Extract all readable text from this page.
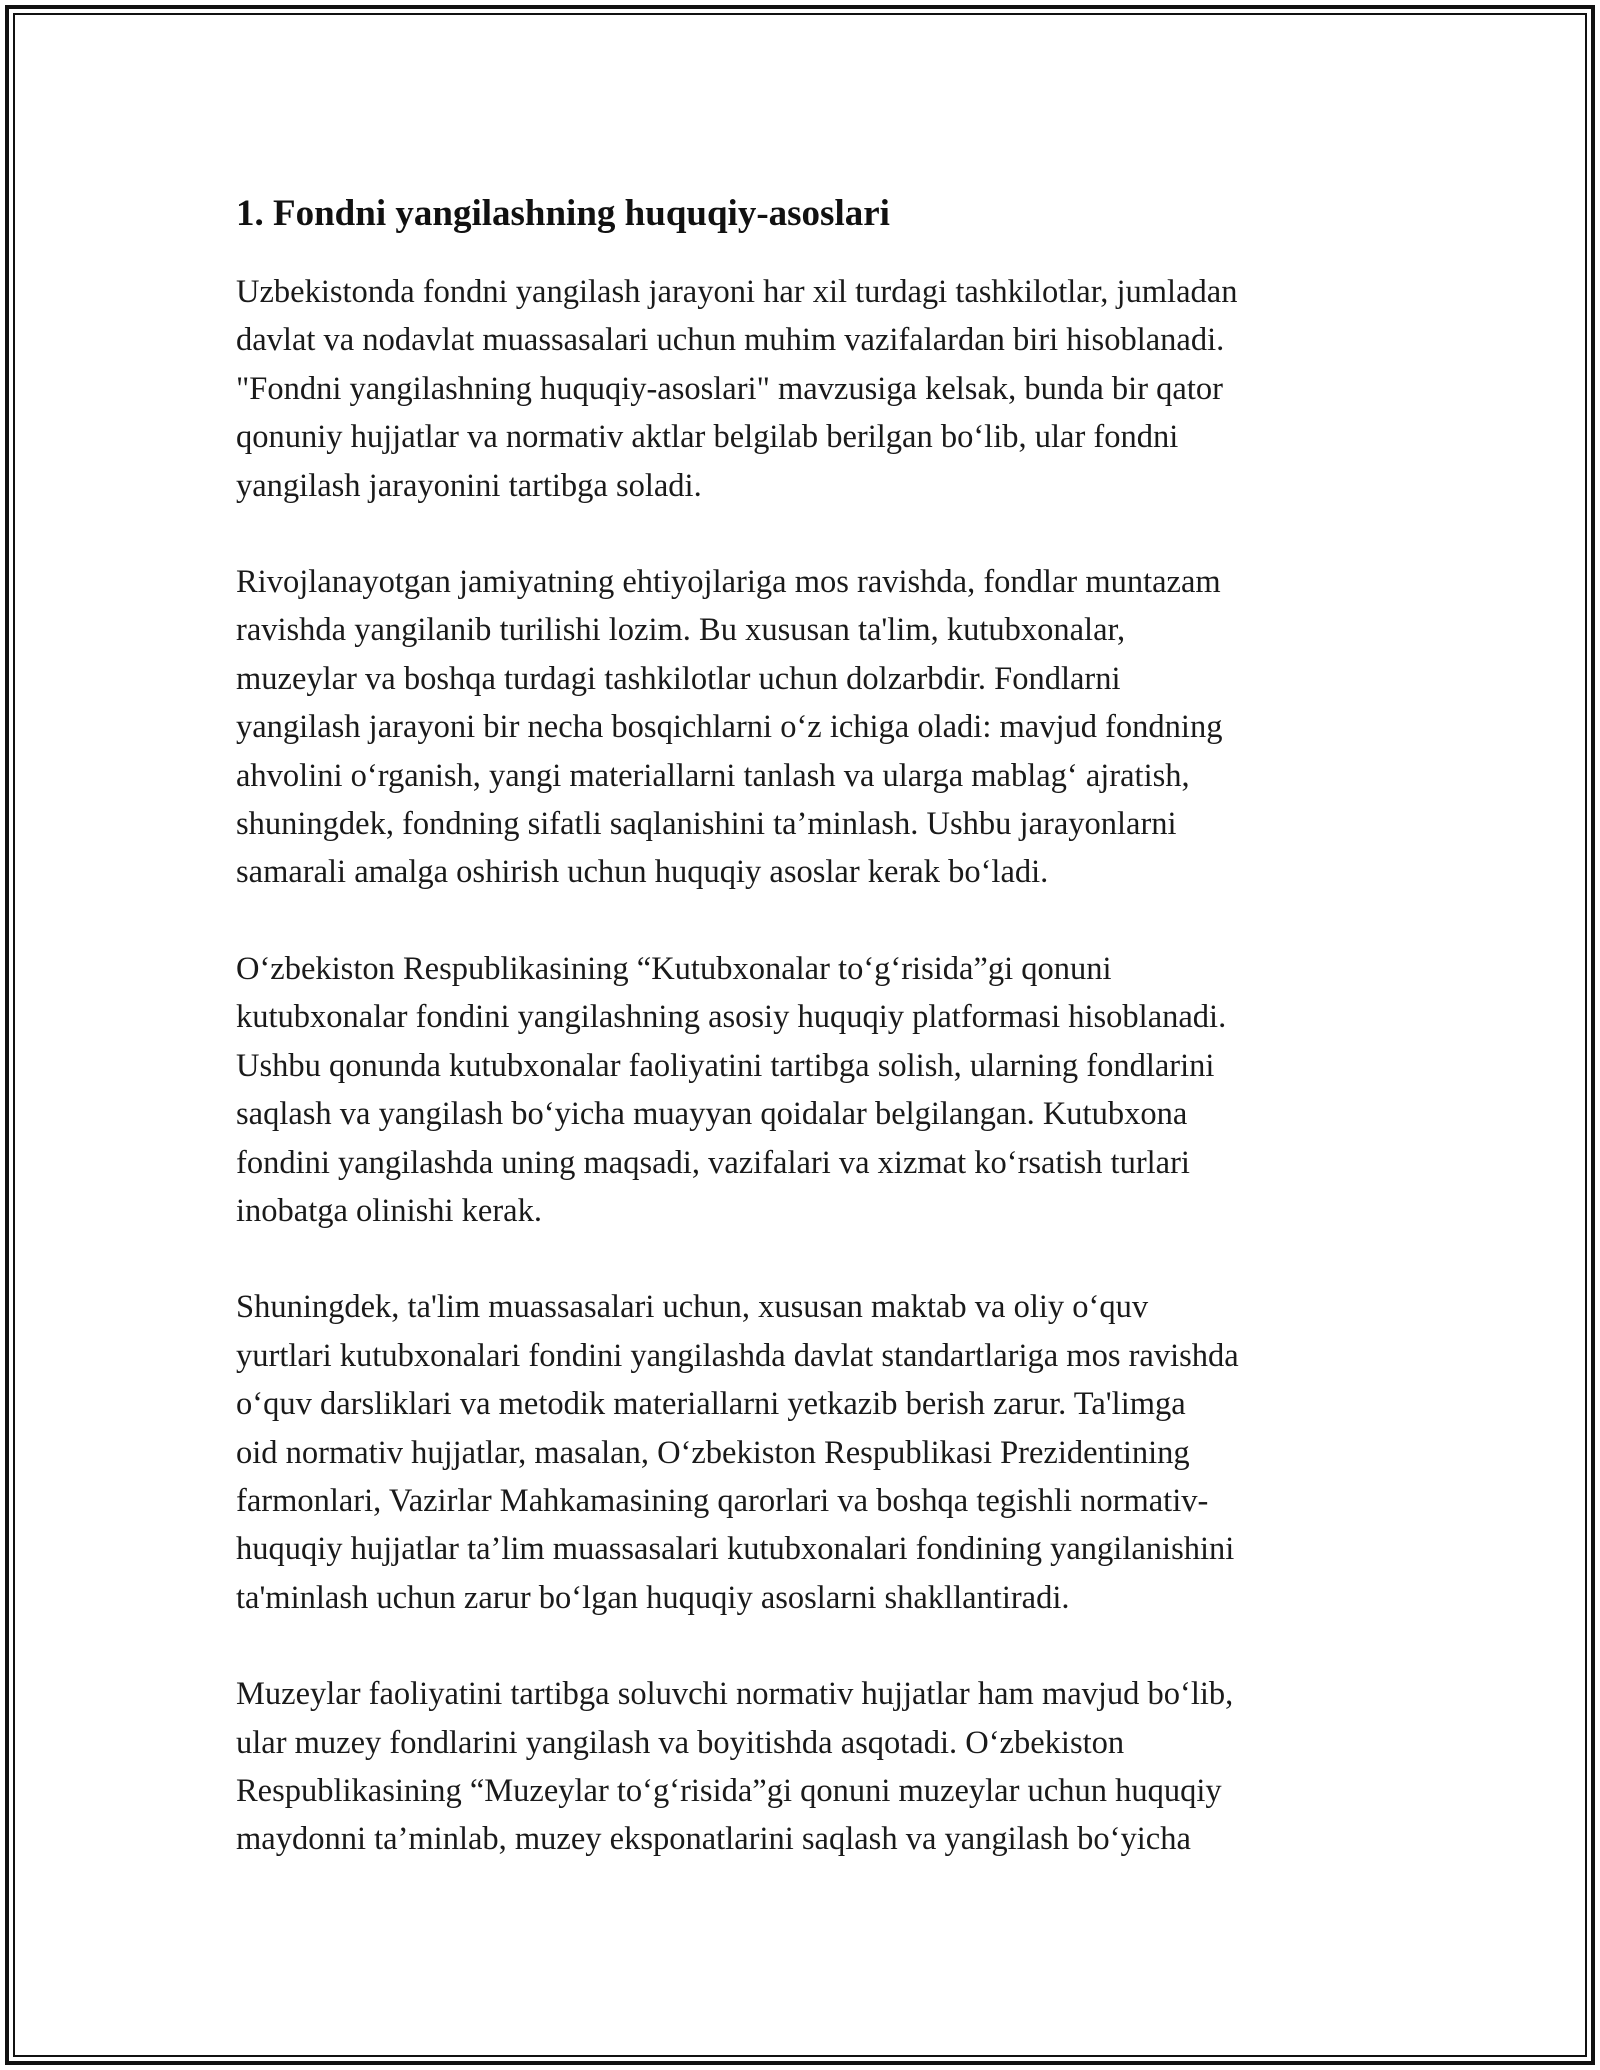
1. Fondni yangilashning huquqiy-asoslari

Uzbekistonda fondni yangilash jarayoni har xil turdagi tashkilotlar, jumladan
davlat va nodavlat muassasalari uchun muhim vazifalardan biri hisoblanadi.
"Fondni yangilashning huquqiy-asoslari" mavzusiga kelsak, bunda bir qator
qonuniy hujjatlar va normativ aktlar belgilab berilgan bo‘lib, ular fondni
yangilash jarayonini tartibga soladi.

Rivojlanayotgan jamiyatning ehtiyojlariga mos ravishda, fondlar muntazam
ravishda yangilanib turilishi lozim. Bu xususan ta'lim, kutubxonalar,
muzeylar va boshqa turdagi tashkilotlar uchun dolzarbdir. Fondlarni
yangilash jarayoni bir necha bosqichlarni o‘z ichiga oladi: mavjud fondning
ahvolini o‘rganish, yangi materiallarni tanlash va ularga mablag‘ ajratish,
shuningdek, fondning sifatli saqlanishini ta’minlash. Ushbu jarayonlarni
samarali amalga oshirish uchun huquqiy asoslar kerak bo‘ladi.

O‘zbekiston Respublikasining “Kutubxonalar to‘g‘risida”gi qonuni
kutubxonalar fondini yangilashning asosiy huquqiy platformasi hisoblanadi.
Ushbu qonunda kutubxonalar faoliyatini tartibga solish, ularning fondlarini
saqlash va yangilash bo‘yicha muayyan qoidalar belgilangan. Kutubxona
fondini yangilashda uning maqsadi, vazifalari va xizmat ko‘rsatish turlari
inobatga olinishi kerak.

Shuningdek, ta'lim muassasalari uchun, xususan maktab va oliy o‘quv
yurtlari kutubxonalari fondini yangilashda davlat standartlariga mos ravishda
o‘quv darsliklari va metodik materiallarni yetkazib berish zarur. Ta'limga
oid normativ hujjatlar, masalan, O‘zbekiston Respublikasi Prezidentining
farmonlari, Vazirlar Mahkamasining qarorlari va boshqa tegishli normativ-
huquqiy hujjatlar ta’lim muassasalari kutubxonalari fondining yangilanishini
ta'minlash uchun zarur bo‘lgan huquqiy asoslarni shakllantiradi.

Muzeylar faoliyatini tartibga soluvchi normativ hujjatlar ham mavjud bo‘lib,
ular muzey fondlarini yangilash va boyitishda asqotadi. O‘zbekiston
Respublikasining “Muzeylar to‘g‘risida”gi qonuni muzeylar uchun huquqiy
maydonni ta’minlab, muzey eksponatlarini saqlash va yangilash bo‘yicha
